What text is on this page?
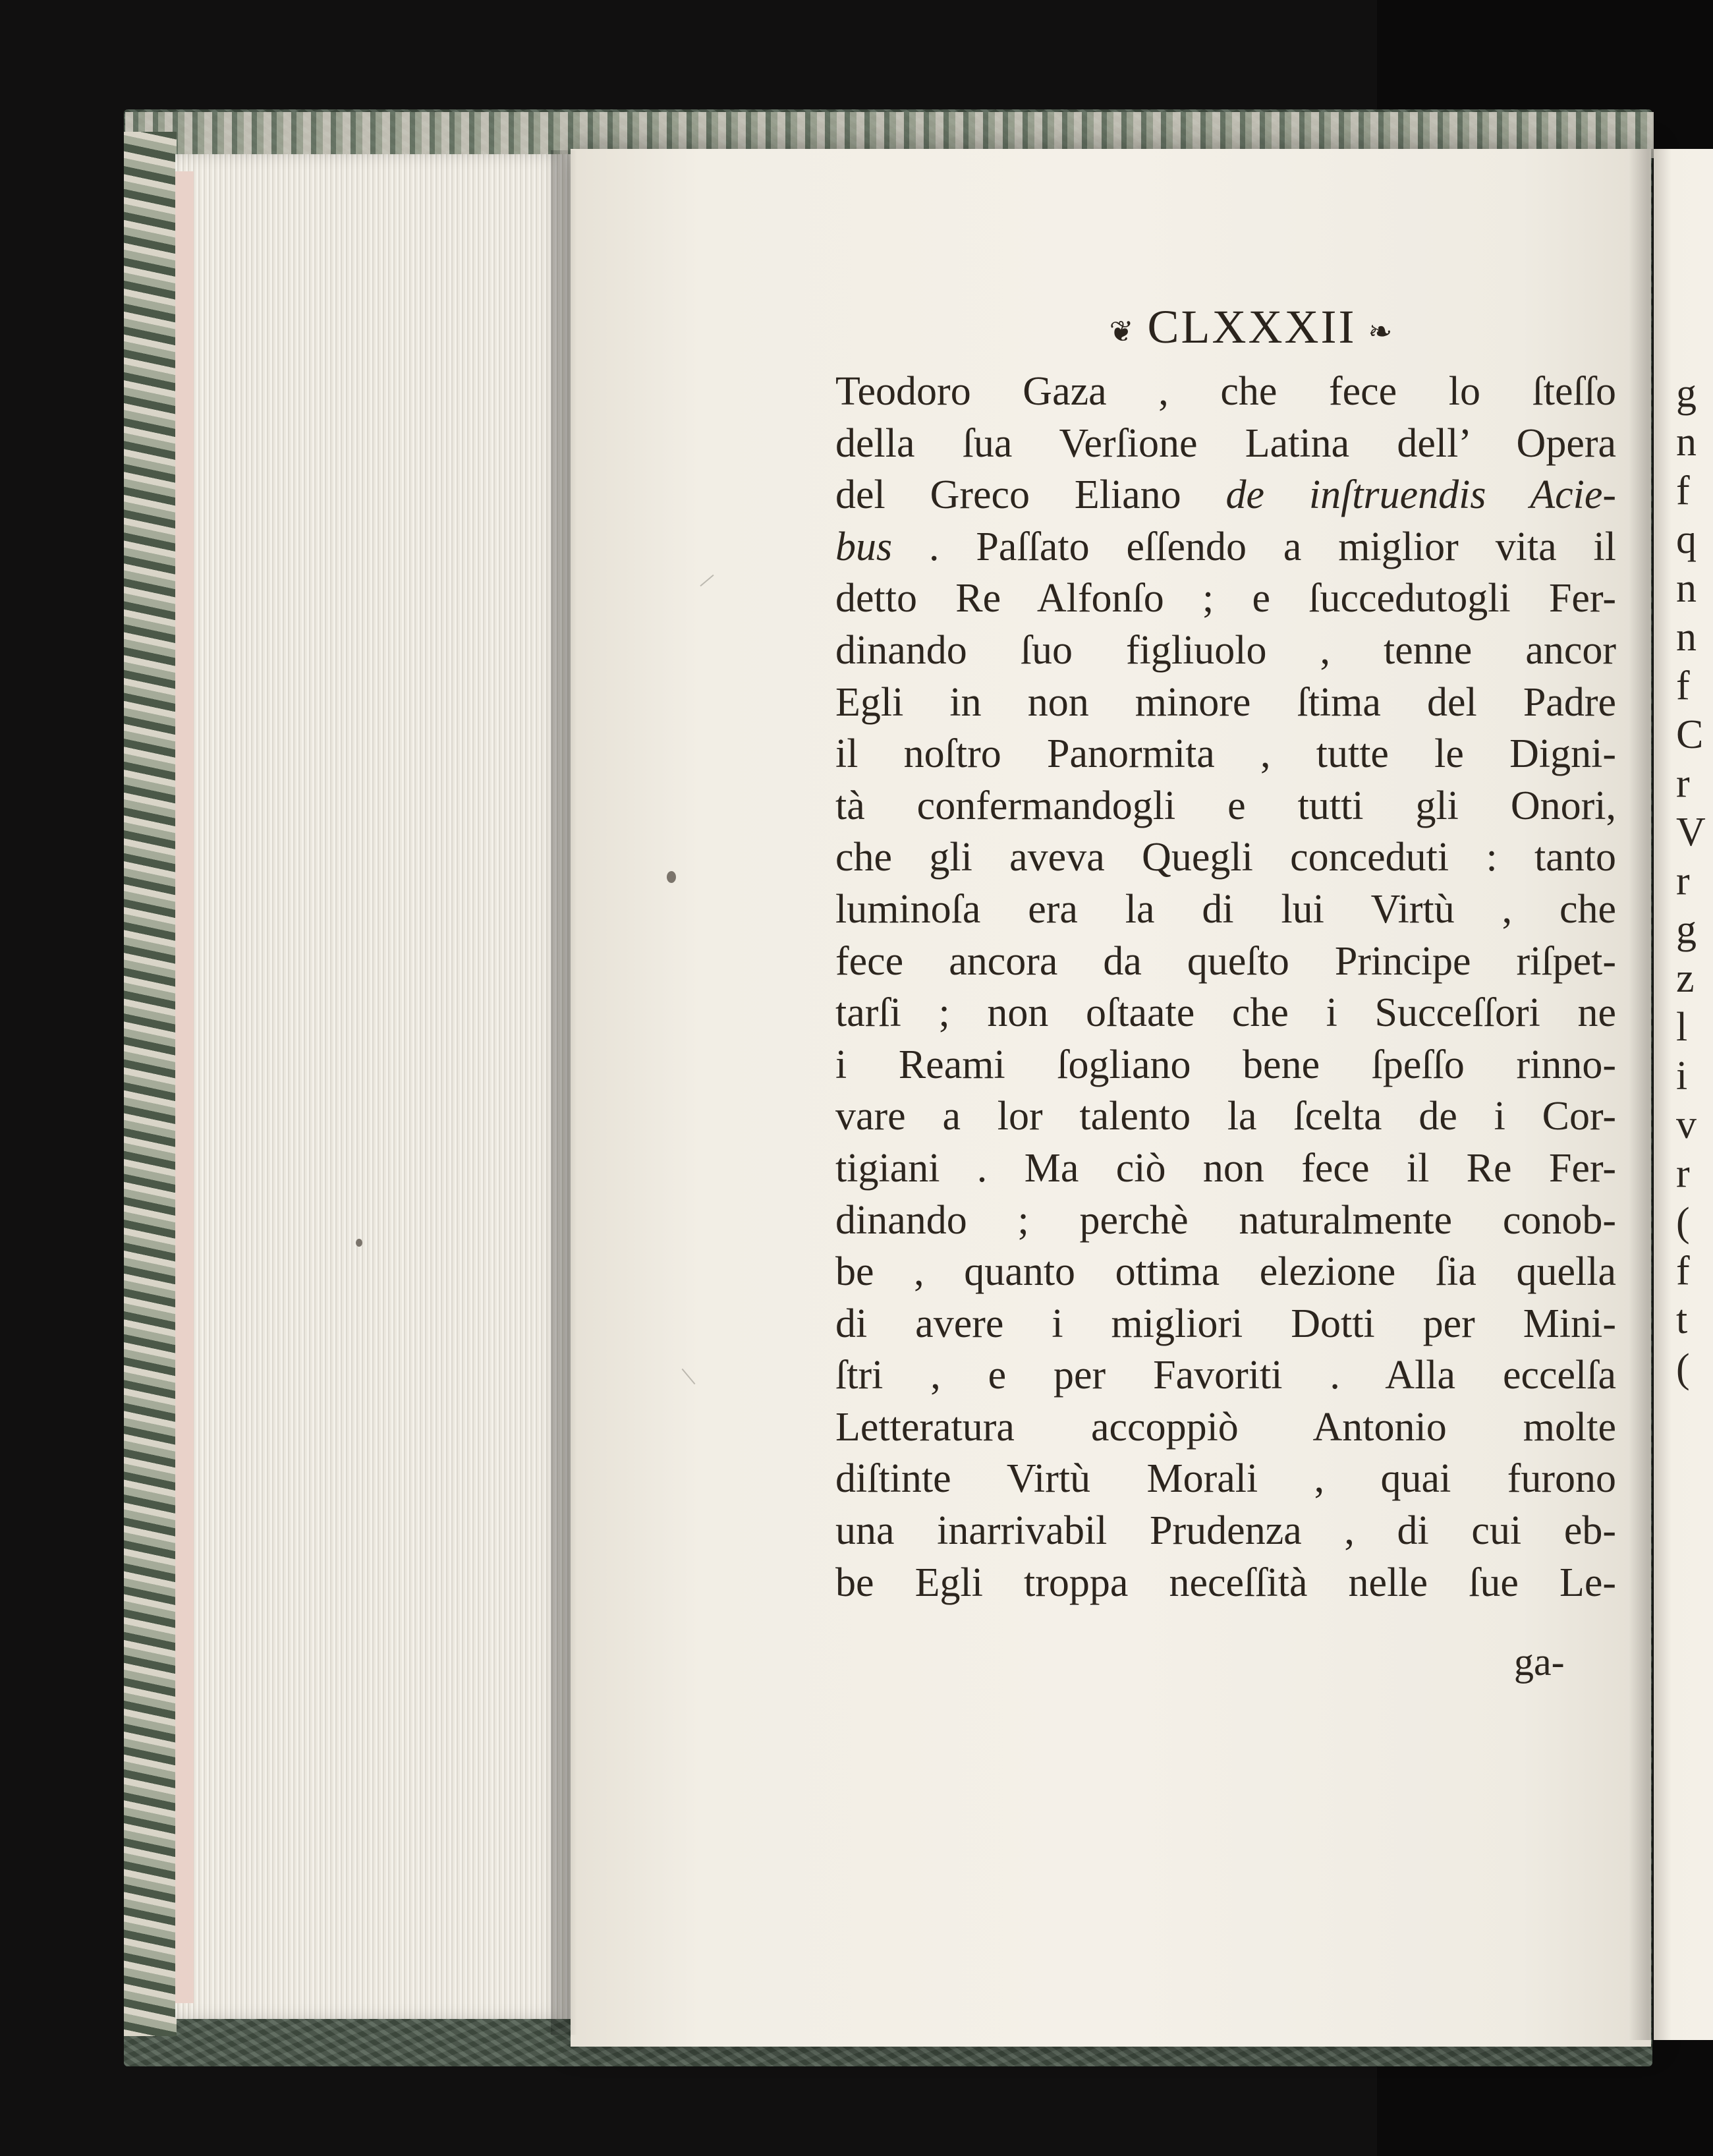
g
n
f
q
n
n
f
C
r
V
r
g
z
l
i
v
r
(
f
t
(
❦ CLXXXII ❧
Teodoro Gaza , che fece lo ſteſſo
della ſua Verſione Latina dell’ Opera
del Greco Eliano de inſtruendis Acie-
bus . Paſſato eſſendo a miglior vita il
detto Re Alfonſo ; e ſuccedutogli Fer-
dinando ſuo figliuolo , tenne ancor
Egli in non minore ſtima del Padre
il noſtro Panormita , tutte le Digni-
tà confermandogli e tutti gli Onori,
che gli aveva Quegli conceduti : tanto
luminoſa era la di lui Virtù , che
fece ancora da queſto Principe riſpet-
tarſi ; non oſtaate che i Succeſſori ne
i Reami ſogliano bene ſpeſſo rinno-
vare a lor talento la ſcelta de i Cor-
tigiani . Ma ciò non fece il Re Fer-
dinando ; perchè naturalmente conob-
be , quanto ottima elezione ſia quella
di avere i migliori Dotti per Mini-
ſtri , e per Favoriti . Alla eccelſa
Letteratura accoppiò Antonio molte
diſtinte Virtù Morali , quai furono
una inarrivabil Prudenza , di cui eb-
be Egli troppa neceſſità nelle ſue Le-
ga-
